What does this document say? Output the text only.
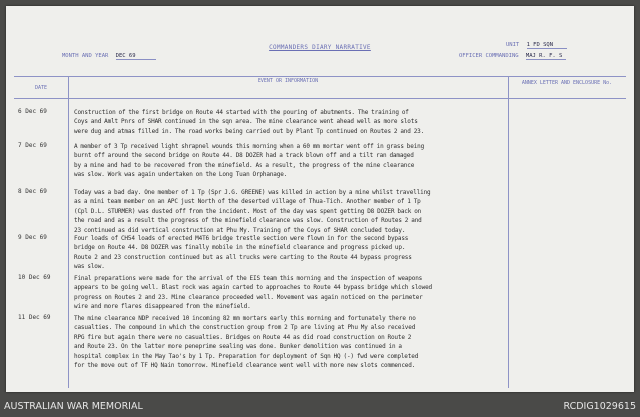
UNIT 1 FD SQN
COMMANDERS DIARY NARRATIVE
MONTH AND YEAR DEC 69	OFFICER COMMANDING MAJ R. F. S
DATE
EVENT OR INFORMATION	ANNEX LETTER AND ENCLOSURE No.
6 Dec 69	Construction of the first bridge on Route 44 started with the pouring of abutments. The training of
Coys and Amlt Pnrs of SHAR continued in the sqn area. The mine clearance went ahead well as more slots
were dug and atmas filled in. The road works being carried out by Plant Tp continued on Routes 2 and 23.
7 Dec 69	A member of 3 Tp received light shrapnel wounds this morning when a 60 mm mortar went off in grass being
burnt off around the second bridge on Route 44. D8 DOZER had a track blown off and a tilt ran damaged
by a mine and had to be recovered from the minefield. As a result, the progress of the mine clearance
was slow. Work was again undertaken on the Long Tuan Orphanage.
8 Dec 69	Today was a bad day. One member of 1 Tp (Spr J.G. GREENE) was killed in action by a mine whilst travelling
as a mini team member on an APC just North of the deserted village of Thua-Tich. Another member of 1 Tp
(Cpl D.L. STURMER) was dusted off from the incident. Most of the day was spent getting D8 DOZER back on
the road and as a result the progress of the minefield clearance was slow. Construction of Routes 2 and
23 continued as did vertical construction at Phu My. Training of the Coys of SHAR concluded today.
9 Dec 69	Four loads of CH54 loads of erected M4T6 bridge trestle section were flown in for the second bypass
bridge on Route 44. D8 DOZER was finally mobile in the minefield clearance and progress picked up.
Route 2 and 23 construction continued but as all trucks were carting to the Route 44 bypass progress
was slow.
10 Dec 69	Final preparations were made for the arrival of the EIS team this morning and the inspection of weapons
appears to be going well. Blast rock was again carted to approaches to Route 44 bypass bridge which slowed
progress on Routes 2 and 23. Mine clearance proceeded well. Movement was again noticed on the perimeter
wire and more flares disappeared from the minefield.
11 Dec 69	The mine clearance NDP received 10 incoming 82 mm mortars early this morning and fortunately there no
casualties. The compound in which the construction group from 2 Tp are living at Phu My also received
RPG fire but again there were no casualties. Bridges on Route 44 as did road construction on Route 2
and Route 23. On the latter more peneprime sealing was done. Bunker demolition was continued in a
hospital complex in the May Tao's by 1 Tp. Preparation for deployment of Sqn HQ (-) fwd were completed
for the move out of TF HQ Nain tomorrow. Minefield clearance went well with more new slots commenced.
AUSTRALIAN WAR MEMORIAL	RCDIG1029615
